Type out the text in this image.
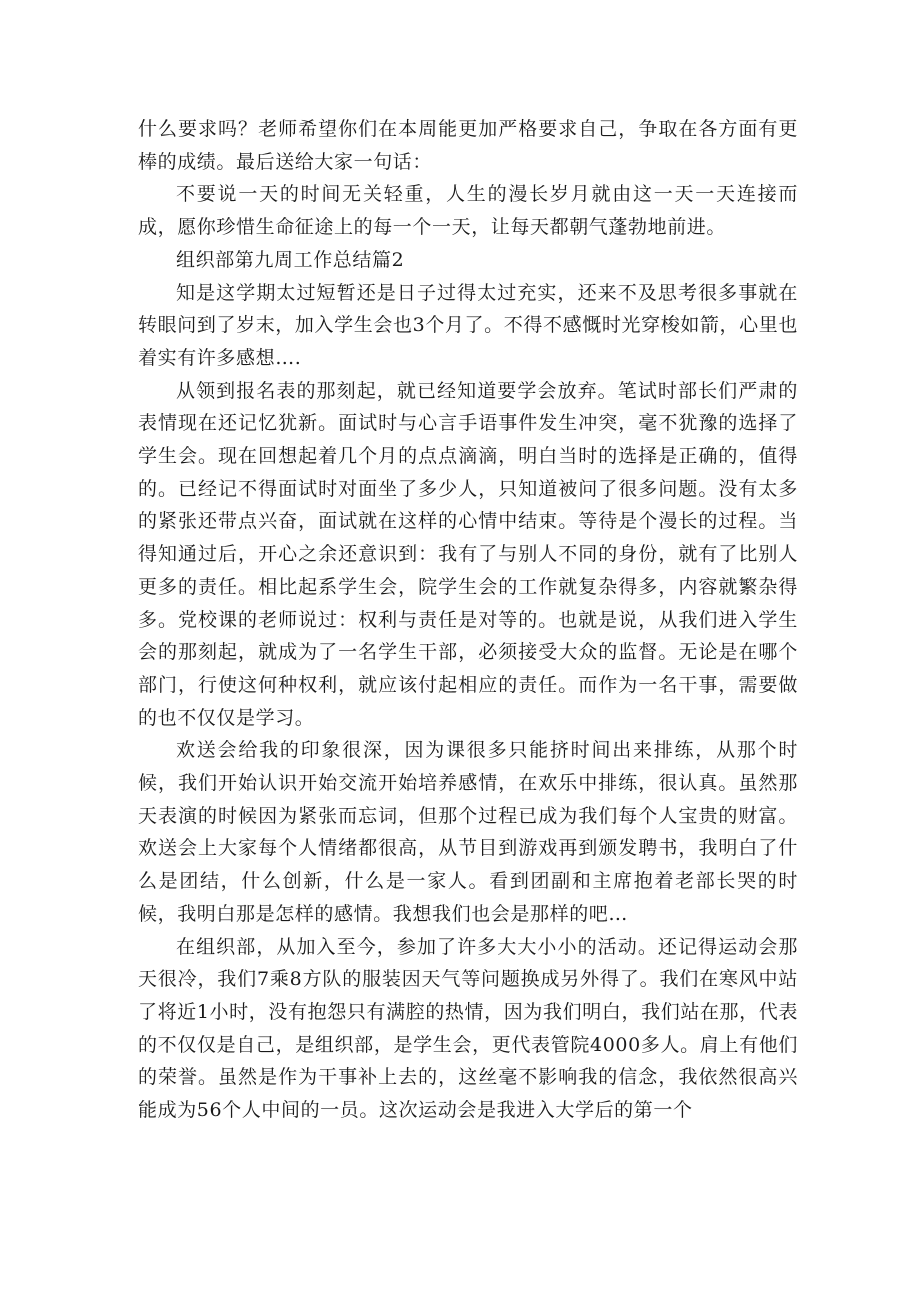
什么要求吗？老师希望你们在本周能更加严格要求自己，争取在各方面有更棒的成绩。最后送给大家一句话：

不要说一天的时间无关轻重，人生的漫长岁月就由这一天一天连接而成，愿你珍惜生命征途上的每一个一天，让每天都朝气蓬勃地前进。

组织部第九周工作总结篇2

知是这学期太过短暂还是日子过得太过充实，还来不及思考很多事就在转眼问到了岁末，加入学生会也3个月了。不得不感慨时光穿梭如箭，心里也着实有许多感想….

从领到报名表的那刻起，就已经知道要学会放弃。笔试时部长们严肃的表情现在还记忆犹新。面试时与心言手语事件发生冲突，毫不犹豫的选择了学生会。现在回想起着几个月的点点滴滴，明白当时的选择是正确的，值得的。已经记不得面试时对面坐了多少人，只知道被问了很多问题。没有太多的紧张还带点兴奋，面试就在这样的心情中结束。等待是个漫长的过程。当得知通过后，开心之余还意识到：我有了与别人不同的身份，就有了比别人更多的责任。相比起系学生会，院学生会的工作就复杂得多，内容就繁杂得多。党校课的老师说过：权利与责任是对等的。也就是说，从我们进入学生会的那刻起，就成为了一名学生干部，必须接受大众的监督。无论是在哪个部门，行使这何种权利，就应该付起相应的责任。而作为一名干事，需要做的也不仅仅是学习。

欢送会给我的印象很深，因为课很多只能挤时间出来排练，从那个时候，我们开始认识开始交流开始培养感情，在欢乐中排练，很认真。虽然那天表演的时候因为紧张而忘词，但那个过程已成为我们每个人宝贵的财富。欢送会上大家每个人情绪都很高，从节目到游戏再到颁发聘书，我明白了什么是团结，什么创新，什么是一家人。看到团副和主席抱着老部长哭的时候，我明白那是怎样的感情。我想我们也会是那样的吧…

在组织部，从加入至今，参加了许多大大小小的活动。还记得运动会那天很冷，我们7乘8方队的服装因天气等问题换成另外得了。我们在寒风中站了将近1小时，没有抱怨只有满腔的热情，因为我们明白，我们站在那，代表的不仅仅是自己，是组织部，是学生会，更代表管院4000多人。肩上有他们的荣誉。虽然是作为干事补上去的，这丝毫不影响我的信念，我依然很高兴能成为56个人中间的一员。这次运动会是我进入大学后的第一个
